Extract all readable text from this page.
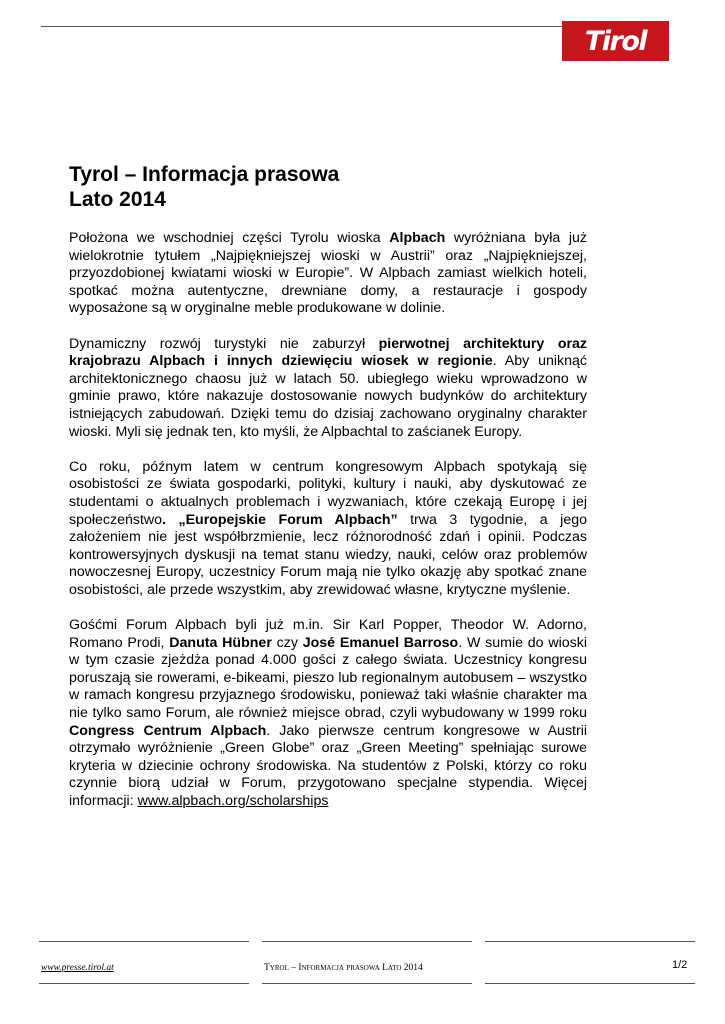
Tirol
Tyrol – Informacja prasowa
Lato 2014

Położona we wschodniej części Tyrolu wioska Alpbach wyróżniana była już wielokrotnie tytułem „Najpiękniejszej wioski w Austrii” oraz „Najpiękniejszej, przyozdobionej kwiatami wioski w Europie”. W Alpbach zamiast wielkich hoteli, spotkać można autentyczne, drewniane domy, a restauracje i gospody wyposażone są w oryginalne meble produkowane w dolinie.

Dynamiczny rozwój turystyki nie zaburzył pierwotnej architektury oraz krajobrazu Alpbach i innych dziewięciu wiosek w regionie. Aby uniknąć architektonicznego chaosu już w latach 50. ubiegłego wieku wprowadzono w gminie prawo, które nakazuje dostosowanie nowych budynków do architektury istniejących zabudowań. Dzięki temu do dzisiaj zachowano oryginalny charakter wioski. Myli się jednak ten, kto myśli, że Alpbachtal to zaścianek Europy.

Co roku, późnym latem w centrum kongresowym Alpbach spotykają się osobistości ze świata gospodarki, polityki, kultury i nauki, aby dyskutować ze studentami o aktualnych problemach i wyzwaniach, które czekają Europę i jej społeczeństwo. „Europejskie Forum Alpbach” trwa 3 tygodnie, a jego założeniem nie jest współbrzmienie, lecz różnorodność zdań i opinii. Podczas kontrowersyjnych dyskusji na temat stanu wiedzy, nauki, celów oraz problemów nowoczesnej Europy, uczestnicy Forum mają nie tylko okazję aby spotkać znane osobistości, ale przede wszystkim, aby zrewidować własne, krytyczne myślenie.

Gośćmi Forum Alpbach byli już m.in. Sir Karl Popper, Theodor W. Adorno, Romano Prodi, Danuta Hübner czy José Emanuel Barroso. W sumie do wioski w tym czasie zjeżdża ponad 4.000 gości z całego świata. Uczestnicy kongresu poruszają sie rowerami, e-bikeami, pieszo lub regionalnym autobusem – wszystko w ramach kongresu przyjaznego środowisku, ponieważ taki właśnie charakter ma nie tylko samo Forum, ale również miejsce obrad, czyli wybudowany w 1999 roku Congress Centrum Alpbach. Jako pierwsze centrum kongresowe w Austrii otrzymało wyróżnienie „Green Globe” oraz „Green Meeting” spełniając surowe kryteria w dziecinie ochrony środowiska. Na studentów z Polski, którzy co roku czynnie biorą udział w Forum, przygotowano specjalne stypendia. Więcej informacji: www.alpbach.org/scholarships

www.presse.tirol.at	Tyrol – Informacja prasowa Lato 2014	1/2
